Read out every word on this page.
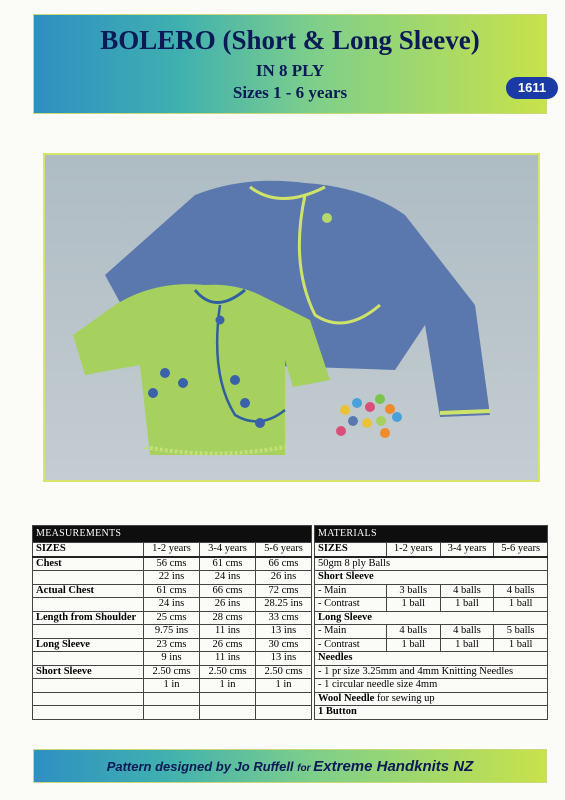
BOLERO (Short & Long Sleeve)
IN 8 PLY
Sizes 1 - 6 years	1611
MEASUREMENTS			
SIZES	1-2 years	3-4 years	5-6 years
Chest	56 cms	61 cms	66 cms
	22 ins	24 ins	26 ins
Actual Chest	61 cms	66 cms	72 cms
	24 ins	26 ins	28.25 ins
Length from Shoulder	25 cms	28 cms	33 cms
	9.75 ins	11 ins	13 ins
Long Sleeve	23 cms	26 cms	30 cms
	9 ins	11 ins	13 ins
Short Sleeve	2.50 cms	2.50 cms	2.50 cms
	1 in	1 in	1 in

MATERIALS			
SIZES	1-2 years	3-4 years	5-6 years
50gm 8 ply Balls			
Short Sleeve			
- Main	3 balls	4 balls	4 balls
- Contrast	1 ball	1 ball	1 ball
Long Sleeve			
- Main	4 balls	4 balls	5 balls
- Contrast	1 ball	1 ball	1 ball
Needles			
- 1 pr size 3.25mm and 4mm Knitting Needles			
- 1 circular needle size 4mm			
Wool Needle for sewing up			
1 Button			
Pattern designed by Jo Ruffell for Extreme Handknits NZ
